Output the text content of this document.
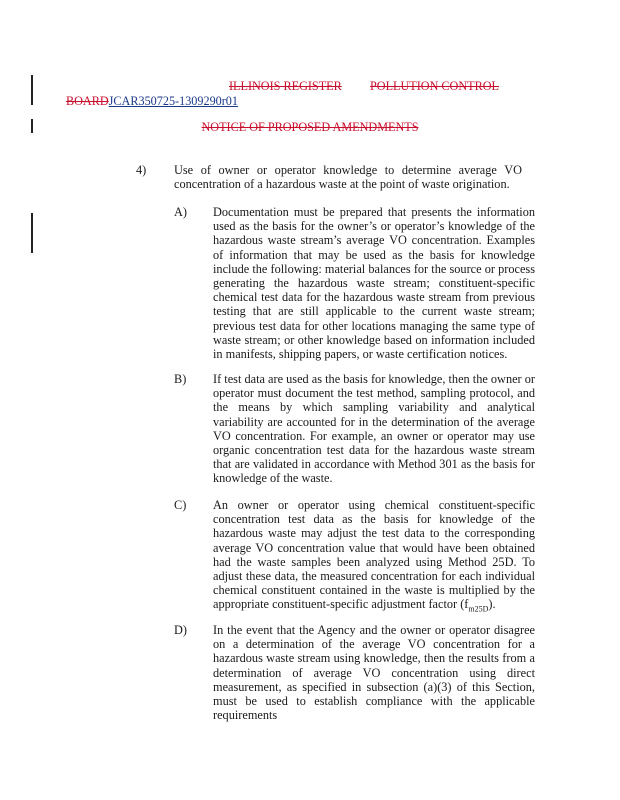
ILLINOIS REGISTER POLLUTION CONTROL
BOARDJCAR350725-1309290r01
NOTICE OF PROPOSED AMENDMENTS
4) Use of owner or operator knowledge to determine average VO concentration of a hazardous waste at the point of waste origination.
A) Documentation must be prepared that presents the information used as the basis for the owner’s or operator’s knowledge of the hazardous waste stream’s average VO concentration. Examples of information that may be used as the basis for knowledge include the following: material balances for the source or process generating the hazardous waste stream; constituent-specific chemical test data for the hazardous waste stream from previous testing that are still applicable to the current waste stream; previous test data for other locations managing the same type of waste stream; or other knowledge based on information included in manifests, shipping papers, or waste certification notices.
B) If test data are used as the basis for knowledge, then the owner or operator must document the test method, sampling protocol, and the means by which sampling variability and analytical variability are accounted for in the determination of the average VO concentration. For example, an owner or operator may use organic concentration test data for the hazardous waste stream that are validated in accordance with Method 301 as the basis for knowledge of the waste.
C) An owner or operator using chemical constituent-specific concentration test data as the basis for knowledge of the hazardous waste may adjust the test data to the corresponding average VO concentration value that would have been obtained had the waste samples been analyzed using Method 25D. To adjust these data, the measured concentration for each individual chemical constituent contained in the waste is multiplied by the appropriate constituent-specific adjustment factor $(f_{m25D})$.
D) In the event that the Agency and the owner or operator disagree on a determination of the average VO concentration for a hazardous waste stream using knowledge, then the results from a determination of average VO concentration using direct measurement, as specified in subsection (a)(3) of this Section, must be used to establish compliance with the applicable requirements
